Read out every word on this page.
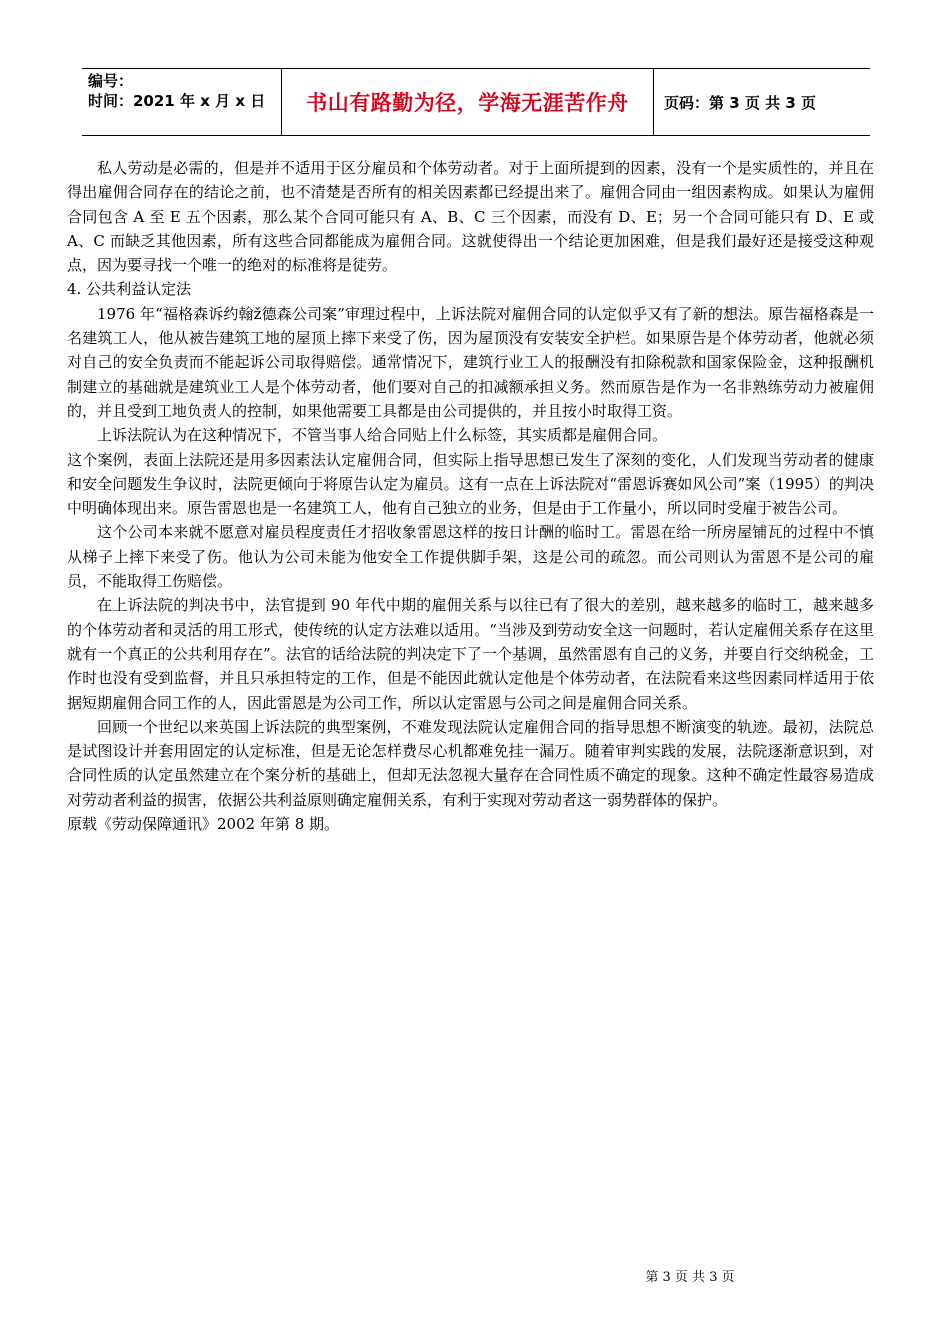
编号：
时间：2021 年 x 月 x 日	书山有路勤为径，学海无涯苦作舟	页码：第 3 页 共 3 页

私人劳动是必需的，但是并不适用于区分雇员和个体劳动者。对于上面所提到的因素，没有一个是实质性的，并且在得出雇佣合同存在的结论之前，也不清楚是否所有的相关因素都已经提出来了。雇佣合同由一组因素构成。如果认为雇佣合同包含 A 至 E 五个因素，那么某个合同可能只有 A、B、C 三个因素，而没有 D、E；另一个合同可能只有 D、E 或 A、C 而缺乏其他因素，所有这些合同都能成为雇佣合同。这就使得出一个结论更加困难，但是我们最好还是接受这种观点，因为要寻找一个唯一的绝对的标准将是徒劳。

4. 公共利益认定法

1976 年“福格森诉约翰ž德森公司案”审理过程中，上诉法院对雇佣合同的认定似乎又有了新的想法。原告福格森是一名建筑工人，他从被告建筑工地的屋顶上摔下来受了伤，因为屋顶没有安装安全护栏。如果原告是个体劳动者，他就必须对自己的安全负责而不能起诉公司取得赔偿。通常情况下，建筑行业工人的报酬没有扣除税款和国家保险金，这种报酬机制建立的基础就是建筑业工人是个体劳动者，他们要对自己的扣减额承担义务。然而原告是作为一名非熟练劳动力被雇佣的，并且受到工地负责人的控制，如果他需要工具都是由公司提供的，并且按小时取得工资。

上诉法院认为在这种情况下，不管当事人给合同贴上什么标签，其实质都是雇佣合同。

这个案例，表面上法院还是用多因素法认定雇佣合同，但实际上指导思想已发生了深刻的变化，人们发现当劳动者的健康和安全问题发生争议时，法院更倾向于将原告认定为雇员。这有一点在上诉法院对“雷恩诉赛如风公司”案（1995）的判决中明确体现出来。原告雷恩也是一名建筑工人，他有自己独立的业务，但是由于工作量小，所以同时受雇于被告公司。

这个公司本来就不愿意对雇员程度责任才招收象雷恩这样的按日计酬的临时工。雷恩在给一所房屋铺瓦的过程中不慎从梯子上摔下来受了伤。他认为公司未能为他安全工作提供脚手架，这是公司的疏忽。而公司则认为雷恩不是公司的雇员，不能取得工伤赔偿。

在上诉法院的判决书中，法官提到 90 年代中期的雇佣关系与以往已有了很大的差别，越来越多的临时工，越来越多的个体劳动者和灵活的用工形式，使传统的认定方法难以适用。“当涉及到劳动安全这一问题时，若认定雇佣关系存在这里就有一个真正的公共利用存在”。法官的话给法院的判决定下了一个基调，虽然雷恩有自己的义务，并要自行交纳税金，工作时也没有受到监督，并且只承担特定的工作，但是不能因此就认定他是个体劳动者，在法院看来这些因素同样适用于依据短期雇佣合同工作的人，因此雷恩是为公司工作，所以认定雷恩与公司之间是雇佣合同关系。

回顾一个世纪以来英国上诉法院的典型案例，不难发现法院认定雇佣合同的指导思想不断演变的轨迹。最初，法院总是试图设计并套用固定的认定标准，但是无论怎样费尽心机都难免挂一漏万。随着审判实践的发展，法院逐渐意识到，对合同性质的认定虽然建立在个案分析的基础上，但却无法忽视大量存在合同性质不确定的现象。这种不确定性最容易造成对劳动者利益的损害，依据公共利益原则确定雇佣关系，有利于实现对劳动者这一弱势群体的保护。

原载《劳动保障通讯》2002 年第 8 期。

第 3 页 共 3 页
